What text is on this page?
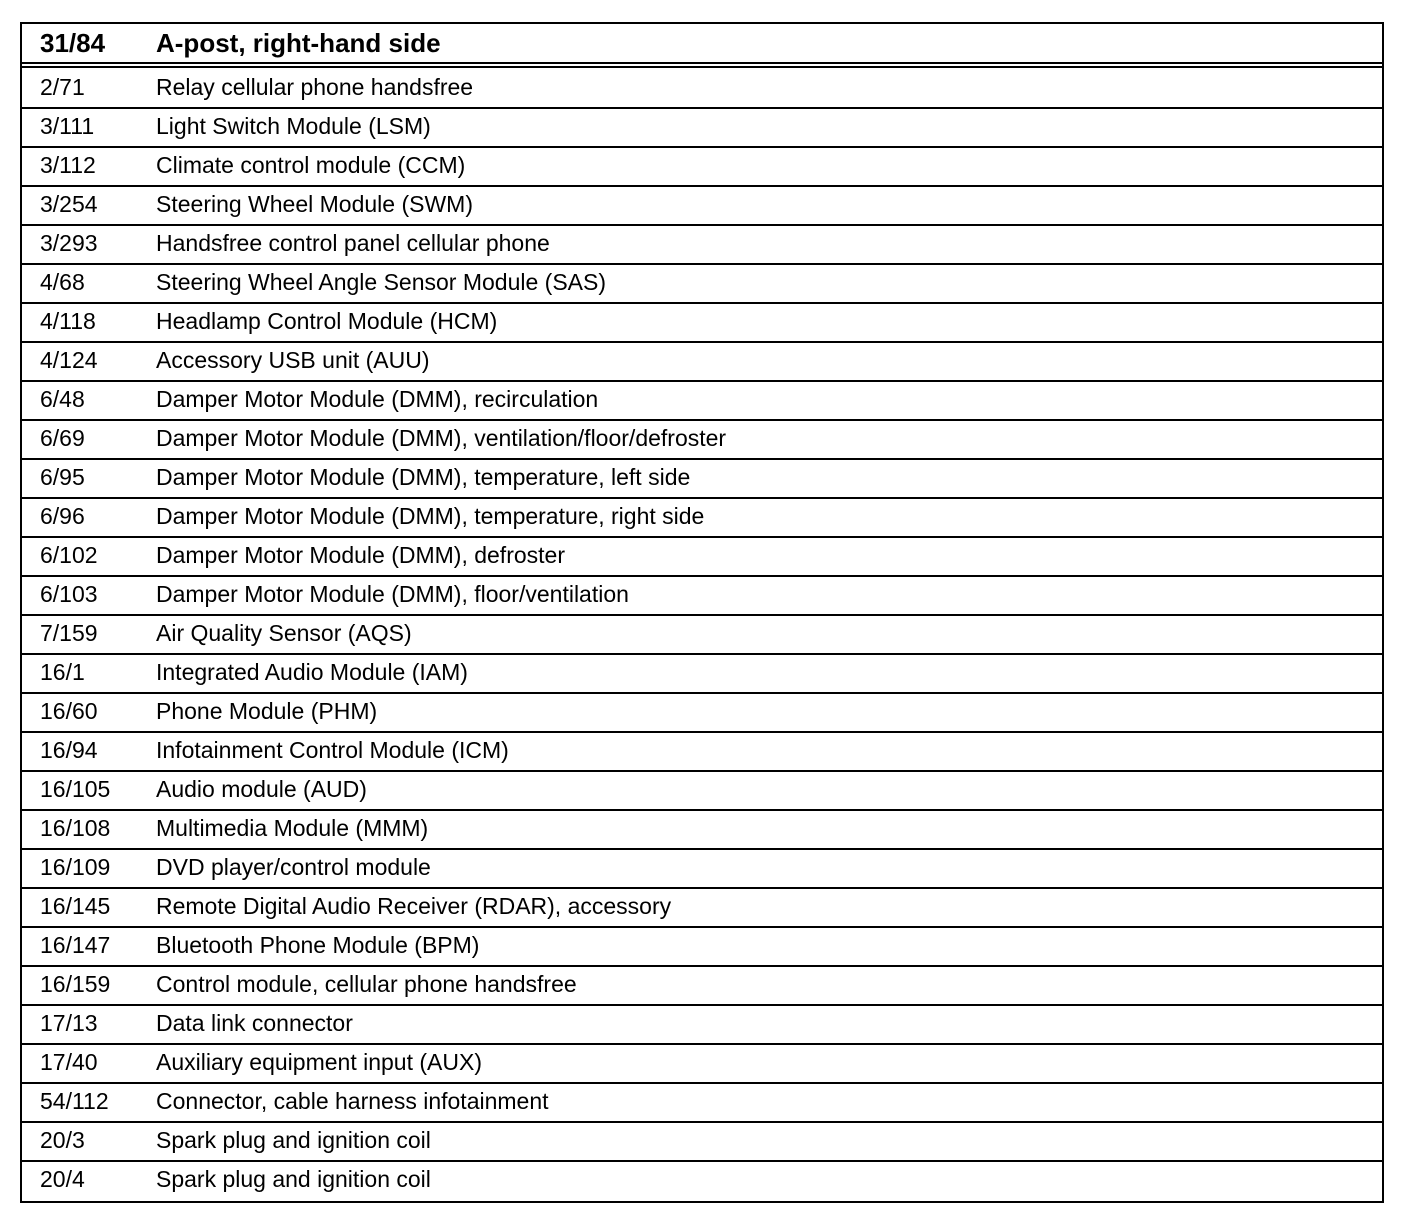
31/84 A-post, right-hand side
2/71	Relay cellular phone handsfree
3/111	Light Switch Module (LSM)
3/112	Climate control module (CCM)
3/254	Steering Wheel Module (SWM)
3/293	Handsfree control panel cellular phone
4/68	Steering Wheel Angle Sensor Module (SAS)
4/118	Headlamp Control Module (HCM)
4/124	Accessory USB unit (AUU)
6/48	Damper Motor Module (DMM), recirculation
6/69	Damper Motor Module (DMM), ventilation/floor/defroster
6/95	Damper Motor Module (DMM), temperature, left side
6/96	Damper Motor Module (DMM), temperature, right side
6/102	Damper Motor Module (DMM), defroster
6/103	Damper Motor Module (DMM), floor/ventilation
7/159	Air Quality Sensor (AQS)
16/1	Integrated Audio Module (IAM)
16/60	Phone Module (PHM)
16/94	Infotainment Control Module (ICM)
16/105 Audio module (AUD)
16/108 Multimedia Module (MMM)
16/109 DVD player/control module
16/145 Remote Digital Audio Receiver (RDAR), accessory
16/147 Bluetooth Phone Module (BPM)
16/159 Control module, cellular phone handsfree
17/13	Data link connector
17/40	Auxiliary equipment input (AUX)
54/112 Connector, cable harness infotainment
20/3	Spark plug and ignition coil
20/4	Spark plug and ignition coil
